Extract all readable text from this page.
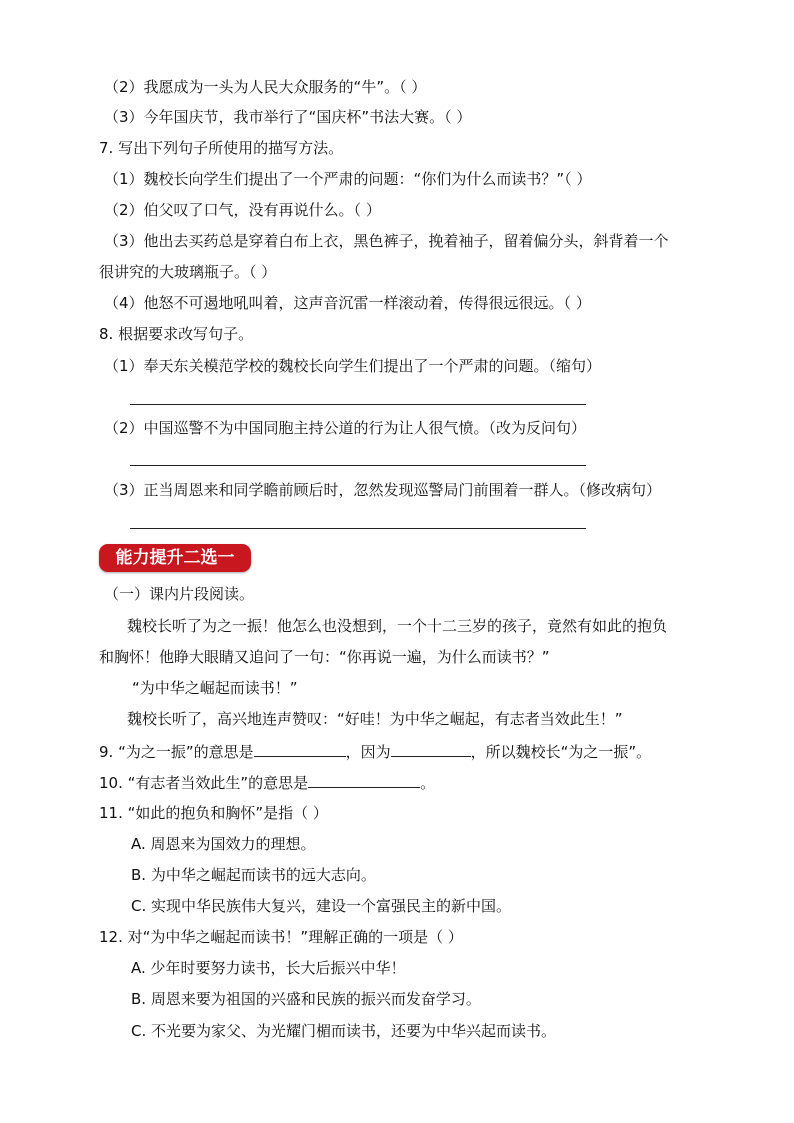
（2）我愿成为一头为人民大众服务的“牛”。（ ）
（3）今年国庆节，我市举行了“国庆杯”书法大赛。（ ）
7. 写出下列句子所使用的描写方法。
（1）魏校长向学生们提出了一个严肃的问题：“你们为什么而读书？”（ ）
（2）伯父叹了口气，没有再说什么。（ ）
（3）他出去买药总是穿着白布上衣，黑色裤子，挽着袖子，留着偏分头，斜背着一个
很讲究的大玻璃瓶子。（ ）
（4）他怒不可遏地吼叫着，这声音沉雷一样滚动着，传得很远很远。（ ）
8. 根据要求改写句子。
（1）奉天东关模范学校的魏校长向学生们提出了一个严肃的问题。（缩句）
（2）中国巡警不为中国同胞主持公道的行为让人很气愤。（改为反问句）
（3）正当周恩来和同学瞻前顾后时，忽然发现巡警局门前围着一群人。（修改病句）
能力提升二选一
（一）课内片段阅读。
魏校长听了为之一振！他怎么也没想到，一个十二三岁的孩子，竟然有如此的抱负
和胸怀！他睁大眼睛又追问了一句：“你再说一遍，为什么而读书？”
“为中华之崛起而读书！”
魏校长听了，高兴地连声赞叹：“好哇！为中华之崛起，有志者当效此生！”
9. “为之一振”的意思是	，因为	，所以魏校长“为之一振”。
10. “有志者当效此生”的意思是	。
11. “如此的抱负和胸怀”是指（ ）
A. 周恩来为国效力的理想。
B. 为中华之崛起而读书的远大志向。
C. 实现中华民族伟大复兴，建设一个富强民主的新中国。
12. 对“为中华之崛起而读书！”理解正确的一项是（ ）
A. 少年时要努力读书，长大后振兴中华！
B. 周恩来要为祖国的兴盛和民族的振兴而发奋学习。
C. 不光要为家父、为光耀门楣而读书，还要为中华兴起而读书。
